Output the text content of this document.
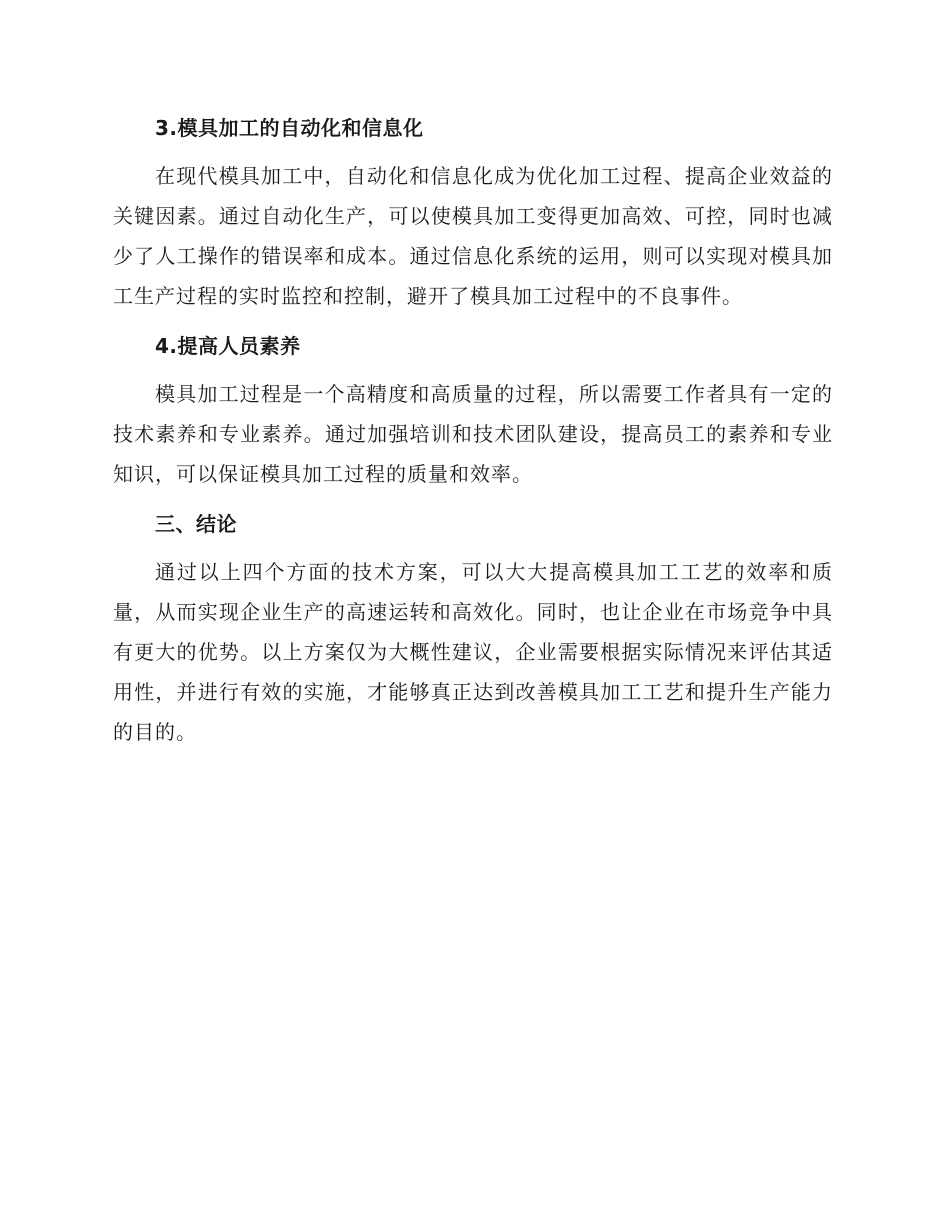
3.模具加工的自动化和信息化

在现代模具加工中，自动化和信息化成为优化加工过程、提高企业效益的关键因素。通过自动化生产，可以使模具加工变得更加高效、可控，同时也减少了人工操作的错误率和成本。通过信息化系统的运用，则可以实现对模具加工生产过程的实时监控和控制，避开了模具加工过程中的不良事件。

4.提高人员素养

模具加工过程是一个高精度和高质量的过程，所以需要工作者具有一定的技术素养和专业素养。通过加强培训和技术团队建设，提高员工的素养和专业知识，可以保证模具加工过程的质量和效率。

三、结论

通过以上四个方面的技术方案，可以大大提高模具加工工艺的效率和质量，从而实现企业生产的高速运转和高效化。同时，也让企业在市场竞争中具有更大的优势。以上方案仅为大概性建议，企业需要根据实际情况来评估其适用性，并进行有效的实施，才能够真正达到改善模具加工工艺和提升生产能力的目的。
